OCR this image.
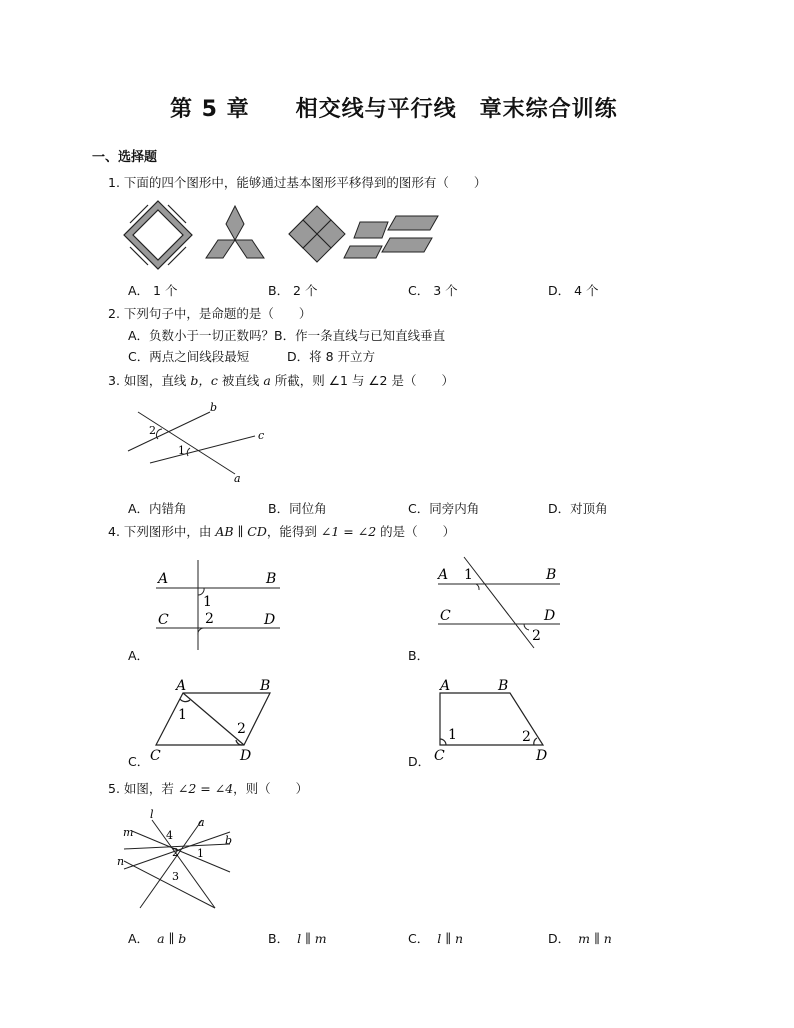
第 5 章　　相交线与平行线　章末综合训练
一、选择题
1. 下面的四个图形中，能够通过基本图形平移得到的图形有（　　）
A． 1 个	B． 2 个	C． 3 个	D． 4 个
2. 下列句子中，是命题的是（　　）
A．负数小于一切正数吗？B．作一条直线与已知直线垂直
C．两点之间线段最短	D．将 8 开立方
3. 如图，直线 b，c 被直线 a 所截，则 ∠1 与 ∠2 是（　　）
b
c
a
2
1
A．内错角	B．同位角	C．同旁内角	D．对顶角
4. 下列图形中，由 AB ∥ CD，能得到 ∠1 = ∠2 的是（　　）
A	B
C	D
1
2
A．
A 1	B
C	D
2
B．
A	B
C	D
1
2
C．
A	B
C	D
1	2
D．
5. 如图，若 ∠2 = ∠4，则（　　）
l
a
m
b
n
4
2 1
3
A． a ∥ b	B． l ∥ m	C． l ∥ n	D． m ∥ n
